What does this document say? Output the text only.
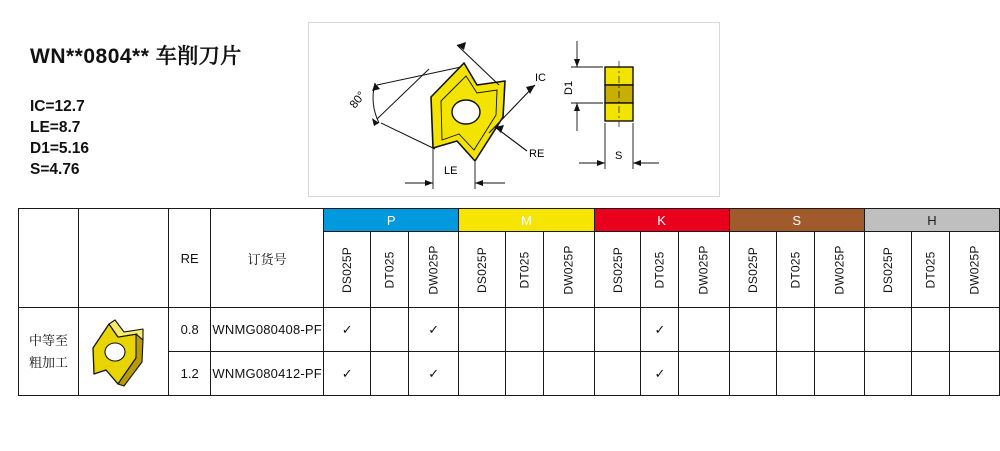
WN**0804** 车削刀片

IC=12.7

LE=8.7

D1=5.16

S=4.76

80°
IC
RE
LE
D1
S
		RE	订货号	P			M			K			S			H		
				DS025P	DT025	DW025P	DS025P	DT025	DW025P	DS025P	DT025	DW025P	DS025P	DT025	DW025P	DS025P	DT025	DW025P

中等至
粗加工		0.8	WNMG080408-PF	✓		✓					✓							
		1.2	WNMG080412-PF	✓		✓					✓							
